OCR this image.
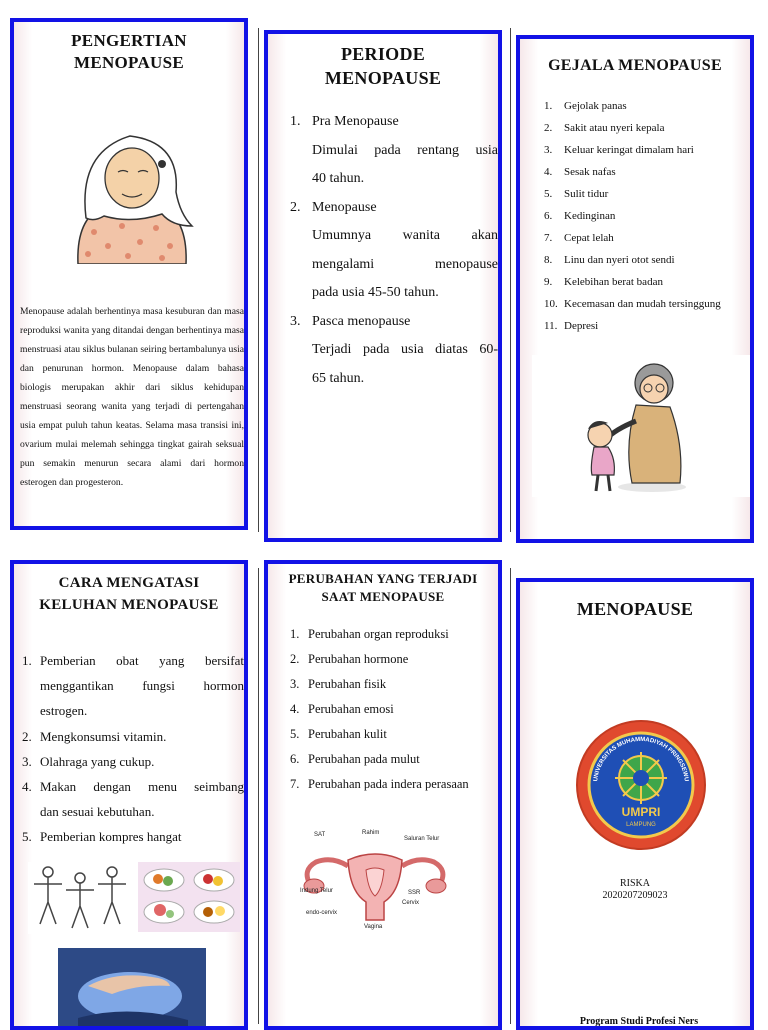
PENGERTIAN
MENOPAUSE
Menopause adalah berhentinya masa kesuburan dan masa reproduksi wanita yang ditandai dengan berhentinya masa menstruasi atau siklus bulanan seiring bertambalunya usia dan penurunan hormon. Menopause dalam bahasa biologis merupakan akhir dari siklus kehidupan menstruasi seorang wanita yang terjadi di pertengahan usia empat puluh tahun keatas. Selama masa transisi ini, ovarium mulai melemah sehingga tingkat gairah seksual pun semakin menurun secara alami dari hormon esterogen dan progesteron.
PERIODE
MENOPAUSE
1. Pra Menopause
Dimulai pada rentang usia
40 tahun.
2. Menopause
Umumnya wanita akan
mengalami menopause
pada usia 45-50 tahun.
3. Pasca menopause
Terjadi pada usia diatas 60-
65 tahun.
GEJALA MENOPAUSE
1. Gejolak panas
2. Sakit atau nyeri kepala
3. Keluar keringat dimalam hari
4. Sesak nafas
5. Sulit tidur
6. Kedinginan
7. Cepat lelah
8. Linu dan nyeri otot sendi
9. Kelebihan berat badan
10. Kecemasan dan mudah tersinggung
11. Depresi
CARA MENGATASI
KELUHAN MENOPAUSE
1. Pemberian obat yang bersifat
menggantikan fungsi hormon
estrogen.
2. Mengkonsumsi vitamin.
3. Olahraga yang cukup.
4. Makan dengan menu seimbang
dan sesuai kebutuhan.
5. Pemberian kompres hangat
PERUBAHAN YANG TERJADI
SAAT MENOPAUSE
1. Perubahan organ reproduksi
2. Perubahan hormone
3. Perubahan fisik
4. Perubahan emosi
5. Perubahan kulit
6. Perubahan pada mulut
7. Perubahan pada indera perasaan
SAT	Rahim
Saluran Telur
Indung Telur	SSR
Cervix
endo-cervix
Vagina
MENOPAUSE
UMPRI
LAMPUNG
UNIVERSITAS MUHAMMADIYAH PRINGSEWU
RISKA
2020207209023
Program Studi Profesi Ners
